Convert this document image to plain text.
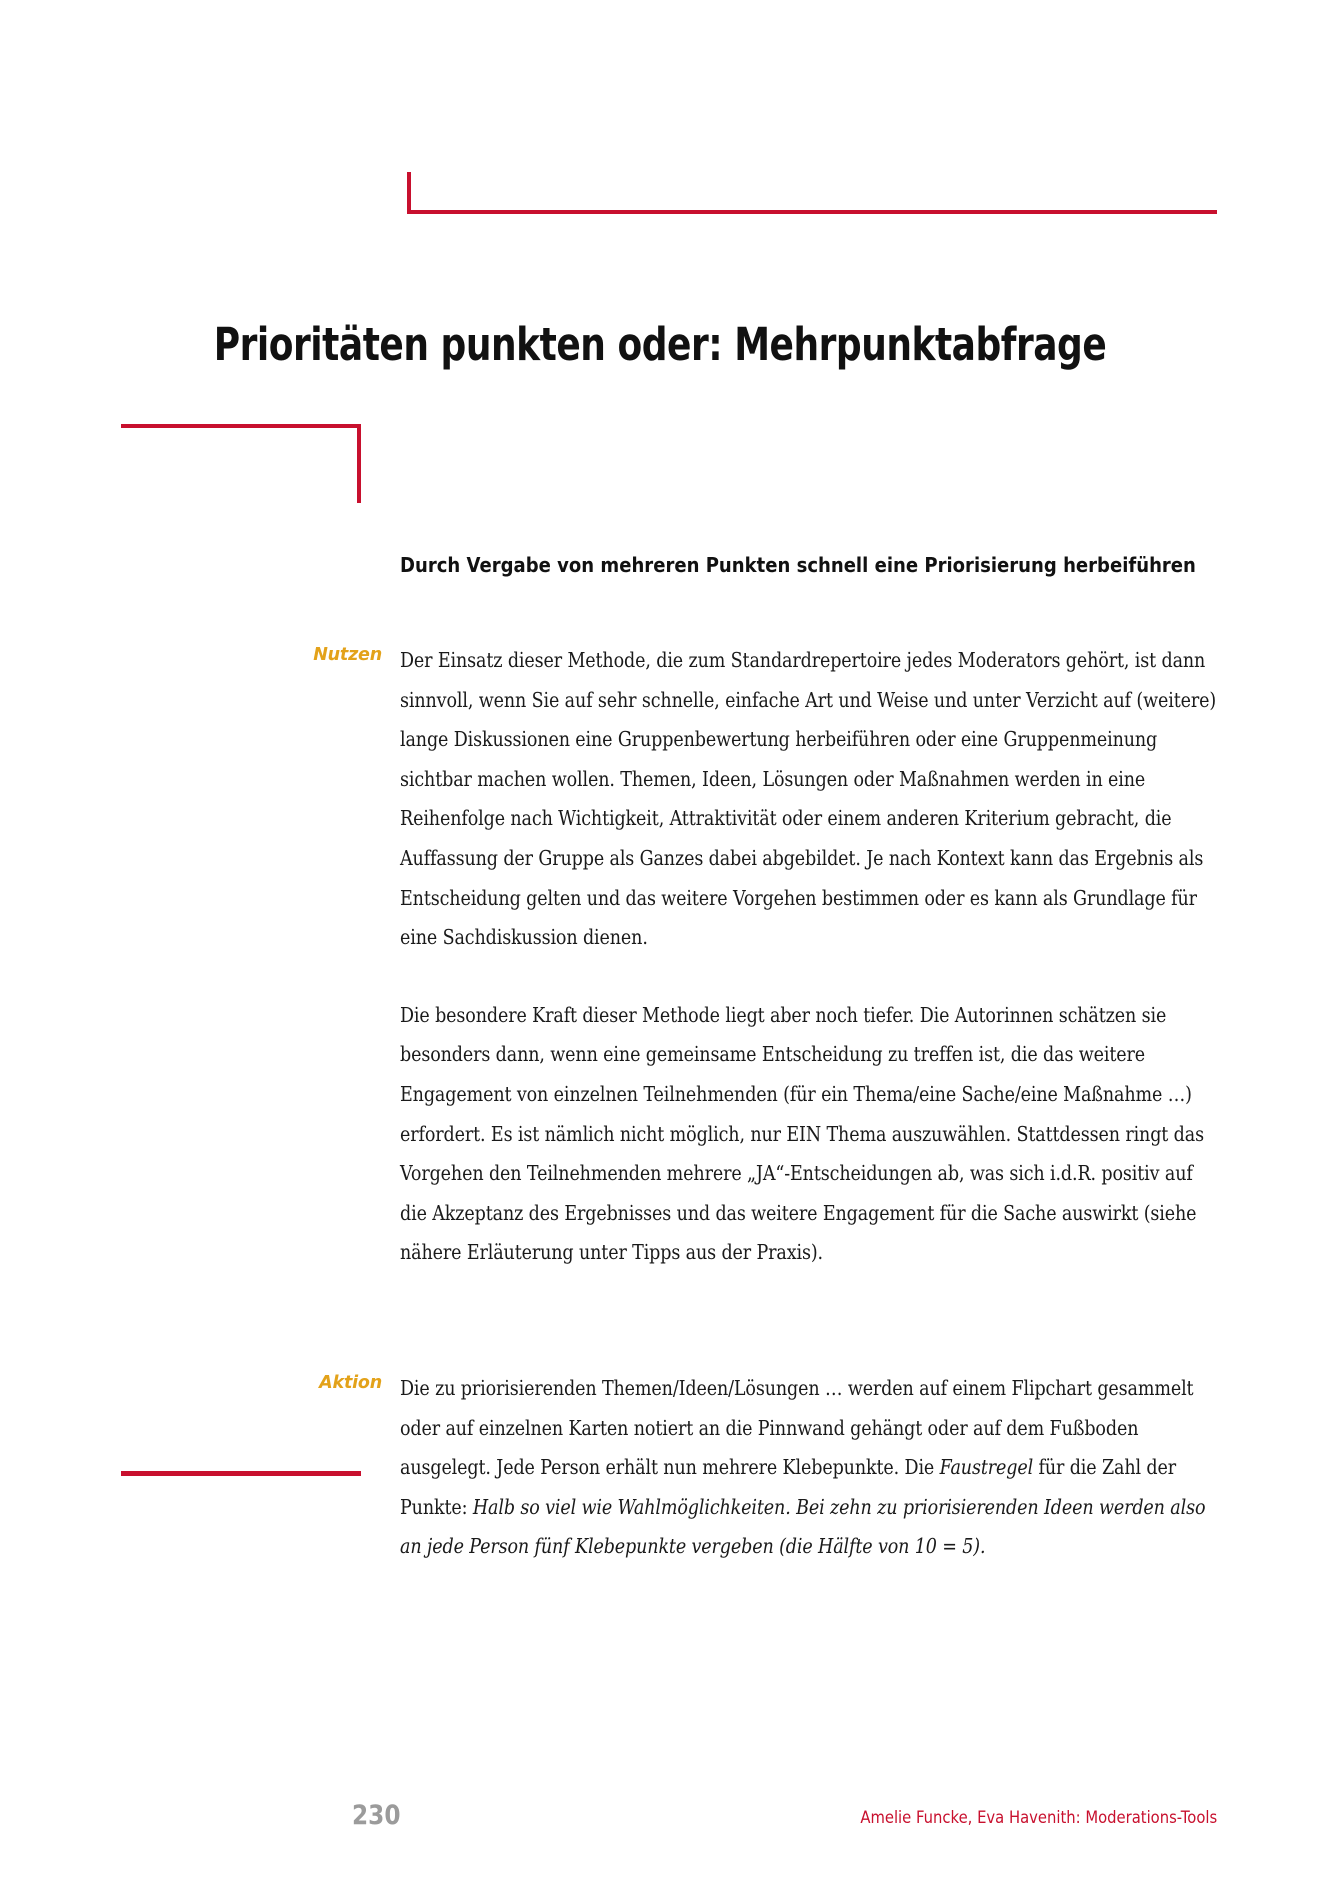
Prioritäten punkten oder: Mehrpunktabfrage
Durch Vergabe von mehreren Punkten schnell eine Priorisierung herbeiführen
Nutzen Der Einsatz dieser Methode, die zum Standardrepertoire jedes Moderators gehört, ist dann sinnvoll, wenn Sie auf sehr schnelle, einfache Art und Weise und unter Verzicht auf (weitere) lange Diskussionen eine Gruppenbewertung herbeiführen oder eine Gruppenmeinung sichtbar machen wollen. Themen, Ideen, Lösungen oder Maßnahmen werden in eine Reihenfolge nach Wichtigkeit, Attraktivität oder einem anderen Kriterium gebracht, die Auffassung der Gruppe als Ganzes dabei abgebildet. Je nach Kontext kann das Ergebnis als Entscheidung gelten und das weitere Vorgehen bestimmen oder es kann als Grundlage für eine Sachdiskussion dienen.

Die besondere Kraft dieser Methode liegt aber noch tiefer. Die Autorinnen schätzen sie besonders dann, wenn eine gemeinsame Entscheidung zu treffen ist, die das weitere Engagement von einzelnen Teilnehmenden (für ein Thema/eine Sache/eine Maßnahme …) erfordert. Es ist nämlich nicht möglich, nur EIN Thema auszuwählen. Stattdessen ringt das Vorgehen den Teilnehmenden mehrere „JA“-Entscheidungen ab, was sich i.d.R. positiv auf die Akzeptanz des Ergebnisses und das weitere Engagement für die Sache auswirkt (siehe nähere Erläuterung unter Tipps aus der Praxis).

Aktion Die zu priorisierenden Themen/Ideen/Lösungen … werden auf einem Flipchart gesammelt oder auf einzelnen Karten notiert an die Pinnwand gehängt oder auf dem Fußboden ausgelegt. Jede Person erhält nun mehrere Klebepunkte. Die Faustregel für die Zahl der Punkte: Halb so viel wie Wahlmöglichkeiten. Bei zehn zu priorisierenden Ideen werden also an jede Person fünf Klebepunkte vergeben (die Hälfte von 10 = 5).

230	Amelie Funcke, Eva Havenith: Moderations-Tools
